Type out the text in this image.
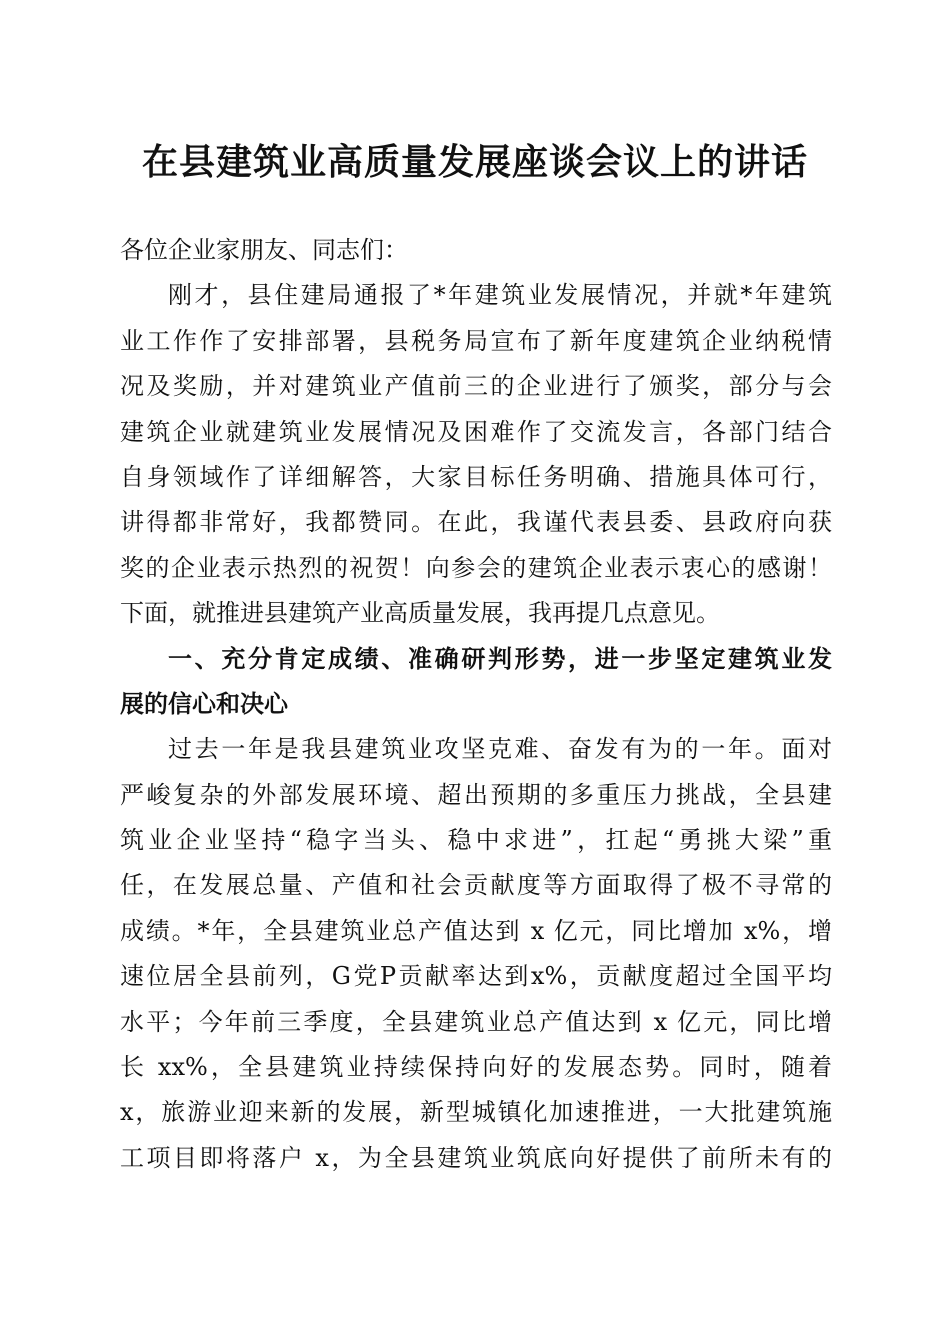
在县建筑业高质量发展座谈会议上的讲话
各位企业家朋友、同志们：
刚才，县住建局通报了*年建筑业发展情况，并就*年建筑
业工作作了安排部署，县税务局宣布了新年度建筑企业纳税情
况及奖励，并对建筑业产值前三的企业进行了颁奖，部分与会
建筑企业就建筑业发展情况及困难作了交流发言，各部门结合
自身领域作了详细解答，大家目标任务明确、措施具体可行，
讲得都非常好，我都赞同。在此，我谨代表县委、县政府向获
奖的企业表示热烈的祝贺！向参会的建筑企业表示衷心的感谢！
下面，就推进县建筑产业高质量发展，我再提几点意见。
一、充分肯定成绩、准确研判形势，进一步坚定建筑业发
展的信心和决心
过去一年是我县建筑业攻坚克难、奋发有为的一年。面对
严峻复杂的外部发展环境、超出预期的多重压力挑战，全县建
筑业企业坚持“稳字当头、稳中求进”，扛起“勇挑大梁”重
任，在发展总量、产值和社会贡献度等方面取得了极不寻常的
成绩。*年，全县建筑业总产值达到 x 亿元，同比增加 x%，增
速位居全县前列，G党P贡献率达到x%，贡献度超过全国平均
水平；今年前三季度，全县建筑业总产值达到 x 亿元，同比增
长 xx%，全县建筑业持续保持向好的发展态势。同时，随着
x，旅游业迎来新的发展，新型城镇化加速推进，一大批建筑施
工项目即将落户 x，为全县建筑业筑底向好提供了前所未有的
